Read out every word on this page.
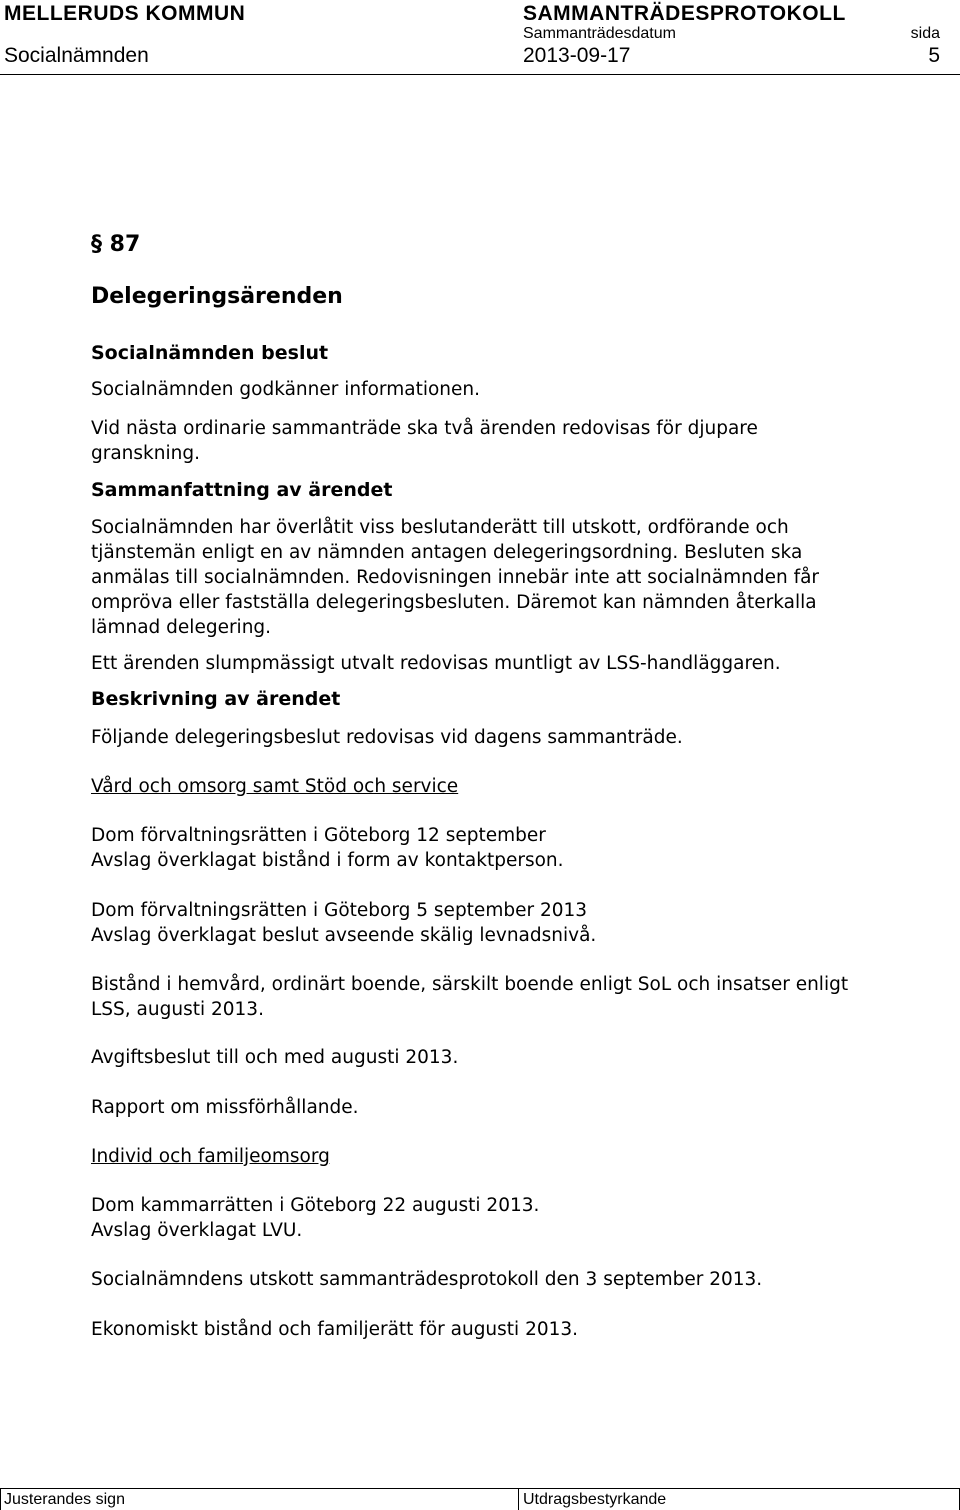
MELLERUDS KOMMUN	SAMMANTRÄDESPROTOKOLL
Sammanträdesdatum	sida
Socialnämnden	2013-09-17	5
§ 87
Delegeringsärenden
Socialnämnden beslut
Socialnämnden godkänner informationen.
Vid nästa ordinarie sammanträde ska två ärenden redovisas för djupare
granskning.
Sammanfattning av ärendet
Socialnämnden har överlåtit viss beslutanderätt till utskott, ordförande och
tjänstemän enligt en av nämnden antagen delegeringsordning. Besluten ska
anmälas till socialnämnden. Redovisningen innebär inte att socialnämnden får
ompröva eller fastställa delegeringsbesluten. Däremot kan nämnden återkalla
lämnad delegering.
Ett ärenden slumpmässigt utvalt redovisas muntligt av LSS-handläggaren.
Beskrivning av ärendet
Följande delegeringsbeslut redovisas vid dagens sammanträde.
Vård och omsorg samt Stöd och service
Dom förvaltningsrätten i Göteborg 12 september
Avslag överklagat bistånd i form av kontaktperson.
Dom förvaltningsrätten i Göteborg 5 september 2013
Avslag överklagat beslut avseende skälig levnadsnivå.
Bistånd i hemvård, ordinärt boende, särskilt boende enligt SoL och insatser enligt
LSS, augusti 2013.
Avgiftsbeslut till och med augusti 2013.
Rapport om missförhållande.
Individ och familjeomsorg
Dom kammarrätten i Göteborg 22 augusti 2013.
Avslag överklagat LVU.
Socialnämndens utskott sammanträdesprotokoll den 3 september 2013.
Ekonomiskt bistånd och familjerätt för augusti 2013.
Justerandes sign	Utdragsbestyrkande
